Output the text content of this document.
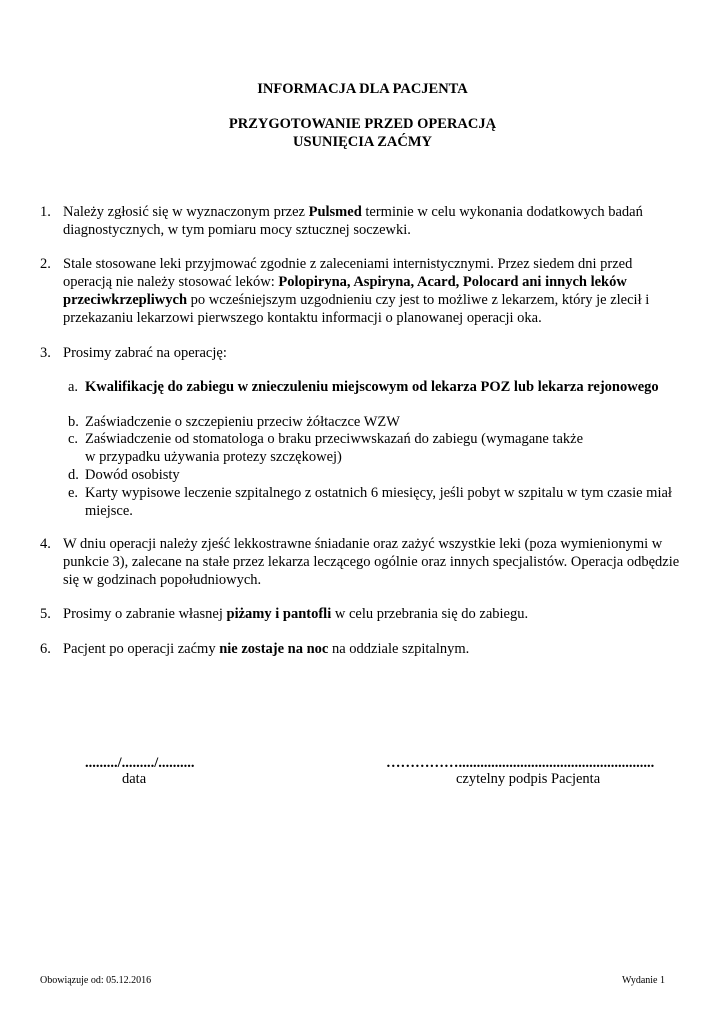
INFORMACJA DLA PACJENTA
PRZYGOTOWANIE PRZED OPERACJĄ
USUNIĘCIA ZAĆMY
1. Należy zgłosić się w wyznaczonym przez Pulsmed terminie w celu wykonania dodatkowych badań diagnostycznych, w tym pomiaru mocy sztucznej soczewki.
2. Stale stosowane leki przyjmować zgodnie z zaleceniami internistycznymi. Przez siedem dni przed operacją nie należy stosować leków: Polopiryna, Aspiryna, Acard, Polocard ani innych leków przeciwkrzepliwych po wcześniejszym uzgodnieniu czy jest to możliwe z lekarzem, który je zlecił i przekazaniu lekarzowi pierwszego kontaktu informacji o planowanej operacji oka.
3. Prosimy zabrać na operację:
a. Kwalifikację do zabiegu w znieczuleniu miejscowym od lekarza POZ lub lekarza rejonowego
b. Zaświadczenie o szczepieniu przeciw żółtaczce WZW
c. Zaświadczenie od stomatologa o braku przeciwwskazań do zabiegu (wymagane także
w przypadku używania protezy szczękowej)
d. Dowód osobisty
e. Karty wypisowe leczenie szpitalnego z ostatnich 6 miesięcy, jeśli pobyt w szpitalu w tym czasie miał miejsce.
4. W dniu operacji należy zjeść lekkostrawne śniadanie oraz zażyć wszystkie leki (poza wymienionymi w punkcie 3), zalecane na stałe przez lekarza leczącego ogólnie oraz innych specjalistów. Operacja odbędzie się w godzinach popołudniowych.
5. Prosimy o zabranie własnej piżamy i pantofli w celu przebrania się do zabiegu.
6. Pacjent po operacji zaćmy nie zostaje na noc na oddziale szpitalnym.
........./........./..........
data
……………......................................................
czytelny podpis Pacjenta
Obowiązuje od: 05.12.2016	Wydanie 1
